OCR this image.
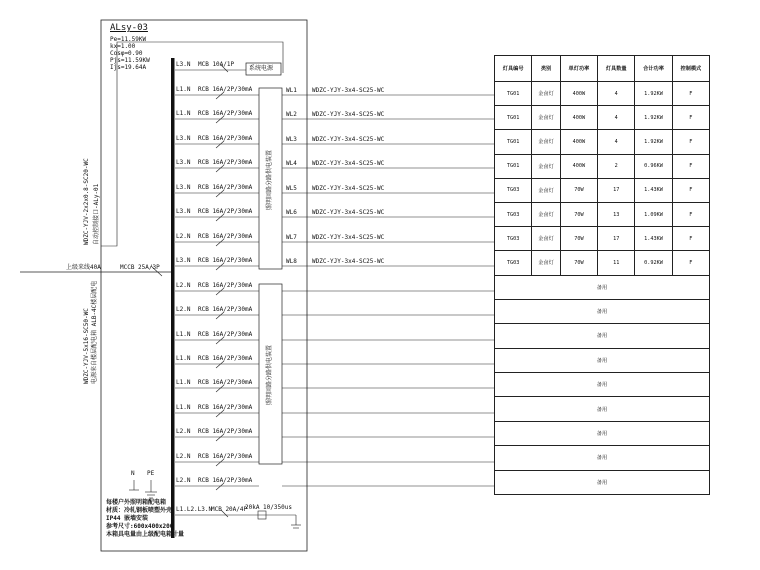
ALsy-03
Pe=11.59KW
kx=1.00
Cosφ=0.90
Pjs=11.59KW
Ijs=19.64A
WDZC-YJV-2x2x0.8-SC20-WC 自动控制接口-ALy-01
上级来线40A	MCCB 25A/3P
WDZC-YJV-5x16-SC50-WC 电源来自楼层配电箱 ALB-4C楼层配电
N PE
L3.N MCB 10A/1P
系统电源
照明回路分路供电装置
照明回路分路供电装置
L1.N RCB 16A/2P/30mA	WL1	WDZC-YJY-3x4-SC25-WC
L1.N RCB 16A/2P/30mA	WL2	WDZC-YJY-3x4-SC25-WC
L3.N RCB 16A/2P/30mA	WL3	WDZC-YJY-3x4-SC25-WC
L3.N RCB 16A/2P/30mA	WL4	WDZC-YJY-3x4-SC25-WC
L3.N RCB 16A/2P/30mA	WL5	WDZC-YJY-3x4-SC25-WC
L3.N RCB 16A/2P/30mA	WL6	WDZC-YJY-3x4-SC25-WC
L2.N RCB 16A/2P/30mA	WL7	WDZC-YJY-3x4-SC25-WC
L3.N RCB 16A/2P/30mA	WL8	WDZC-YJY-3x4-SC25-WC
L2.N RCB 16A/2P/30mA
L2.N RCB 16A/2P/30mA
L1.N RCB 16A/2P/30mA
L1.N RCB 16A/2P/30mA
L1.N RCB 16A/2P/30mA
L1.N RCB 16A/2P/30mA
L2.N RCB 16A/2P/30mA
L2.N RCB 16A/2P/30mA
L2.N RCB 16A/2P/30mA
L1.L2.L3.N
MCB 20A/4P
20kA 10/350us
每楼户外照明箱配电箱
材质：冷轧钢板喷塑外壳
IP44 嵌墙安装
参考尺寸:600x400x200
本箱具电量由上级配电箱计量
灯具编号	类别	单灯功率	灯具数量	合计功率	控制模式
TG01	金卤灯	400W	4	1.92KW	F
TG01	金卤灯	400W	4	1.92KW	F
TG01	金卤灯	400W	4	1.92KW	F
TG01	金卤灯	400W	2	0.96KW	F
TG03	金卤灯	70W	17	1.43KW	F
TG03	金卤灯	70W	13	1.09KW	F
TG03	金卤灯	70W	17	1.43KW	F
TG03	金卤灯	70W	11	0.92KW	F
备用					
备用					
备用					
备用					
备用					
备用					
备用					
备用					
备用					
